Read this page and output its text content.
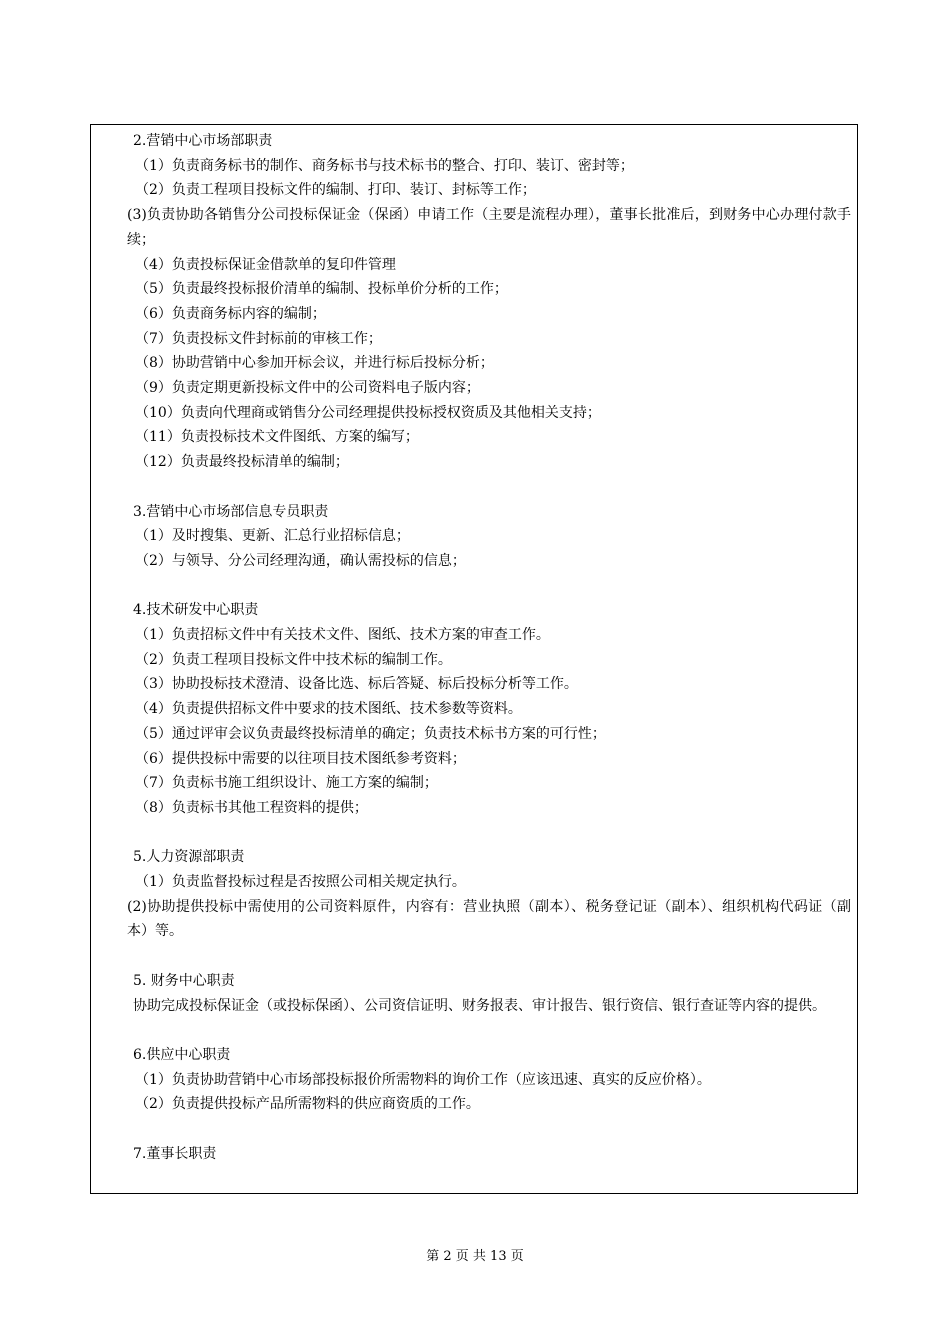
2.营销中心市场部职责
（1）负责商务标书的制作、商务标书与技术标书的整合、打印、装订、密封等；
（2）负责工程项目投标文件的编制、打印、装订、封标等工作；
(3)负责协助各销售分公司投标保证金（保函）申请工作（主要是流程办理），董事长批准后，到财务中心办理付款手续；
（4）负责投标保证金借款单的复印件管理
（5）负责最终投标报价清单的编制、投标单价分析的工作；
（6）负责商务标内容的编制；
（7）负责投标文件封标前的审核工作；
（8）协助营销中心参加开标会议，并进行标后投标分析；
（9）负责定期更新投标文件中的公司资料电子版内容；
（10）负责向代理商或销售分公司经理提供投标授权资质及其他相关支持；
（11）负责投标技术文件图纸、方案的编写；
（12）负责最终投标清单的编制；
3.营销中心市场部信息专员职责
（1）及时搜集、更新、汇总行业招标信息；
（2）与领导、分公司经理沟通，确认需投标的信息；
4.技术研发中心职责
（1）负责招标文件中有关技术文件、图纸、技术方案的审查工作。
（2）负责工程项目投标文件中技术标的编制工作。
（3）协助投标技术澄清、设备比选、标后答疑、标后投标分析等工作。
（4）负责提供招标文件中要求的技术图纸、技术参数等资料。
（5）通过评审会议负责最终投标清单的确定；负责技术标书方案的可行性；
（6）提供投标中需要的以往项目技术图纸参考资料；
（7）负责标书施工组织设计、施工方案的编制；
（8）负责标书其他工程资料的提供；
5.人力资源部职责
（1）负责监督投标过程是否按照公司相关规定执行。
(2)协助提供投标中需使用的公司资料原件，内容有：营业执照（副本）、税务登记证（副本）、组织机构代码证（副本）等。
5. 财务中心职责
协助完成投标保证金（或投标保函）、公司资信证明、财务报表、审计报告、银行资信、银行查证等内容的提供。
6.供应中心职责
（1）负责协助营销中心市场部投标报价所需物料的询价工作（应该迅速、真实的反应价格）。
（2）负责提供投标产品所需物料的供应商资质的工作。
7.董事长职责
第 2 页 共 13 页
